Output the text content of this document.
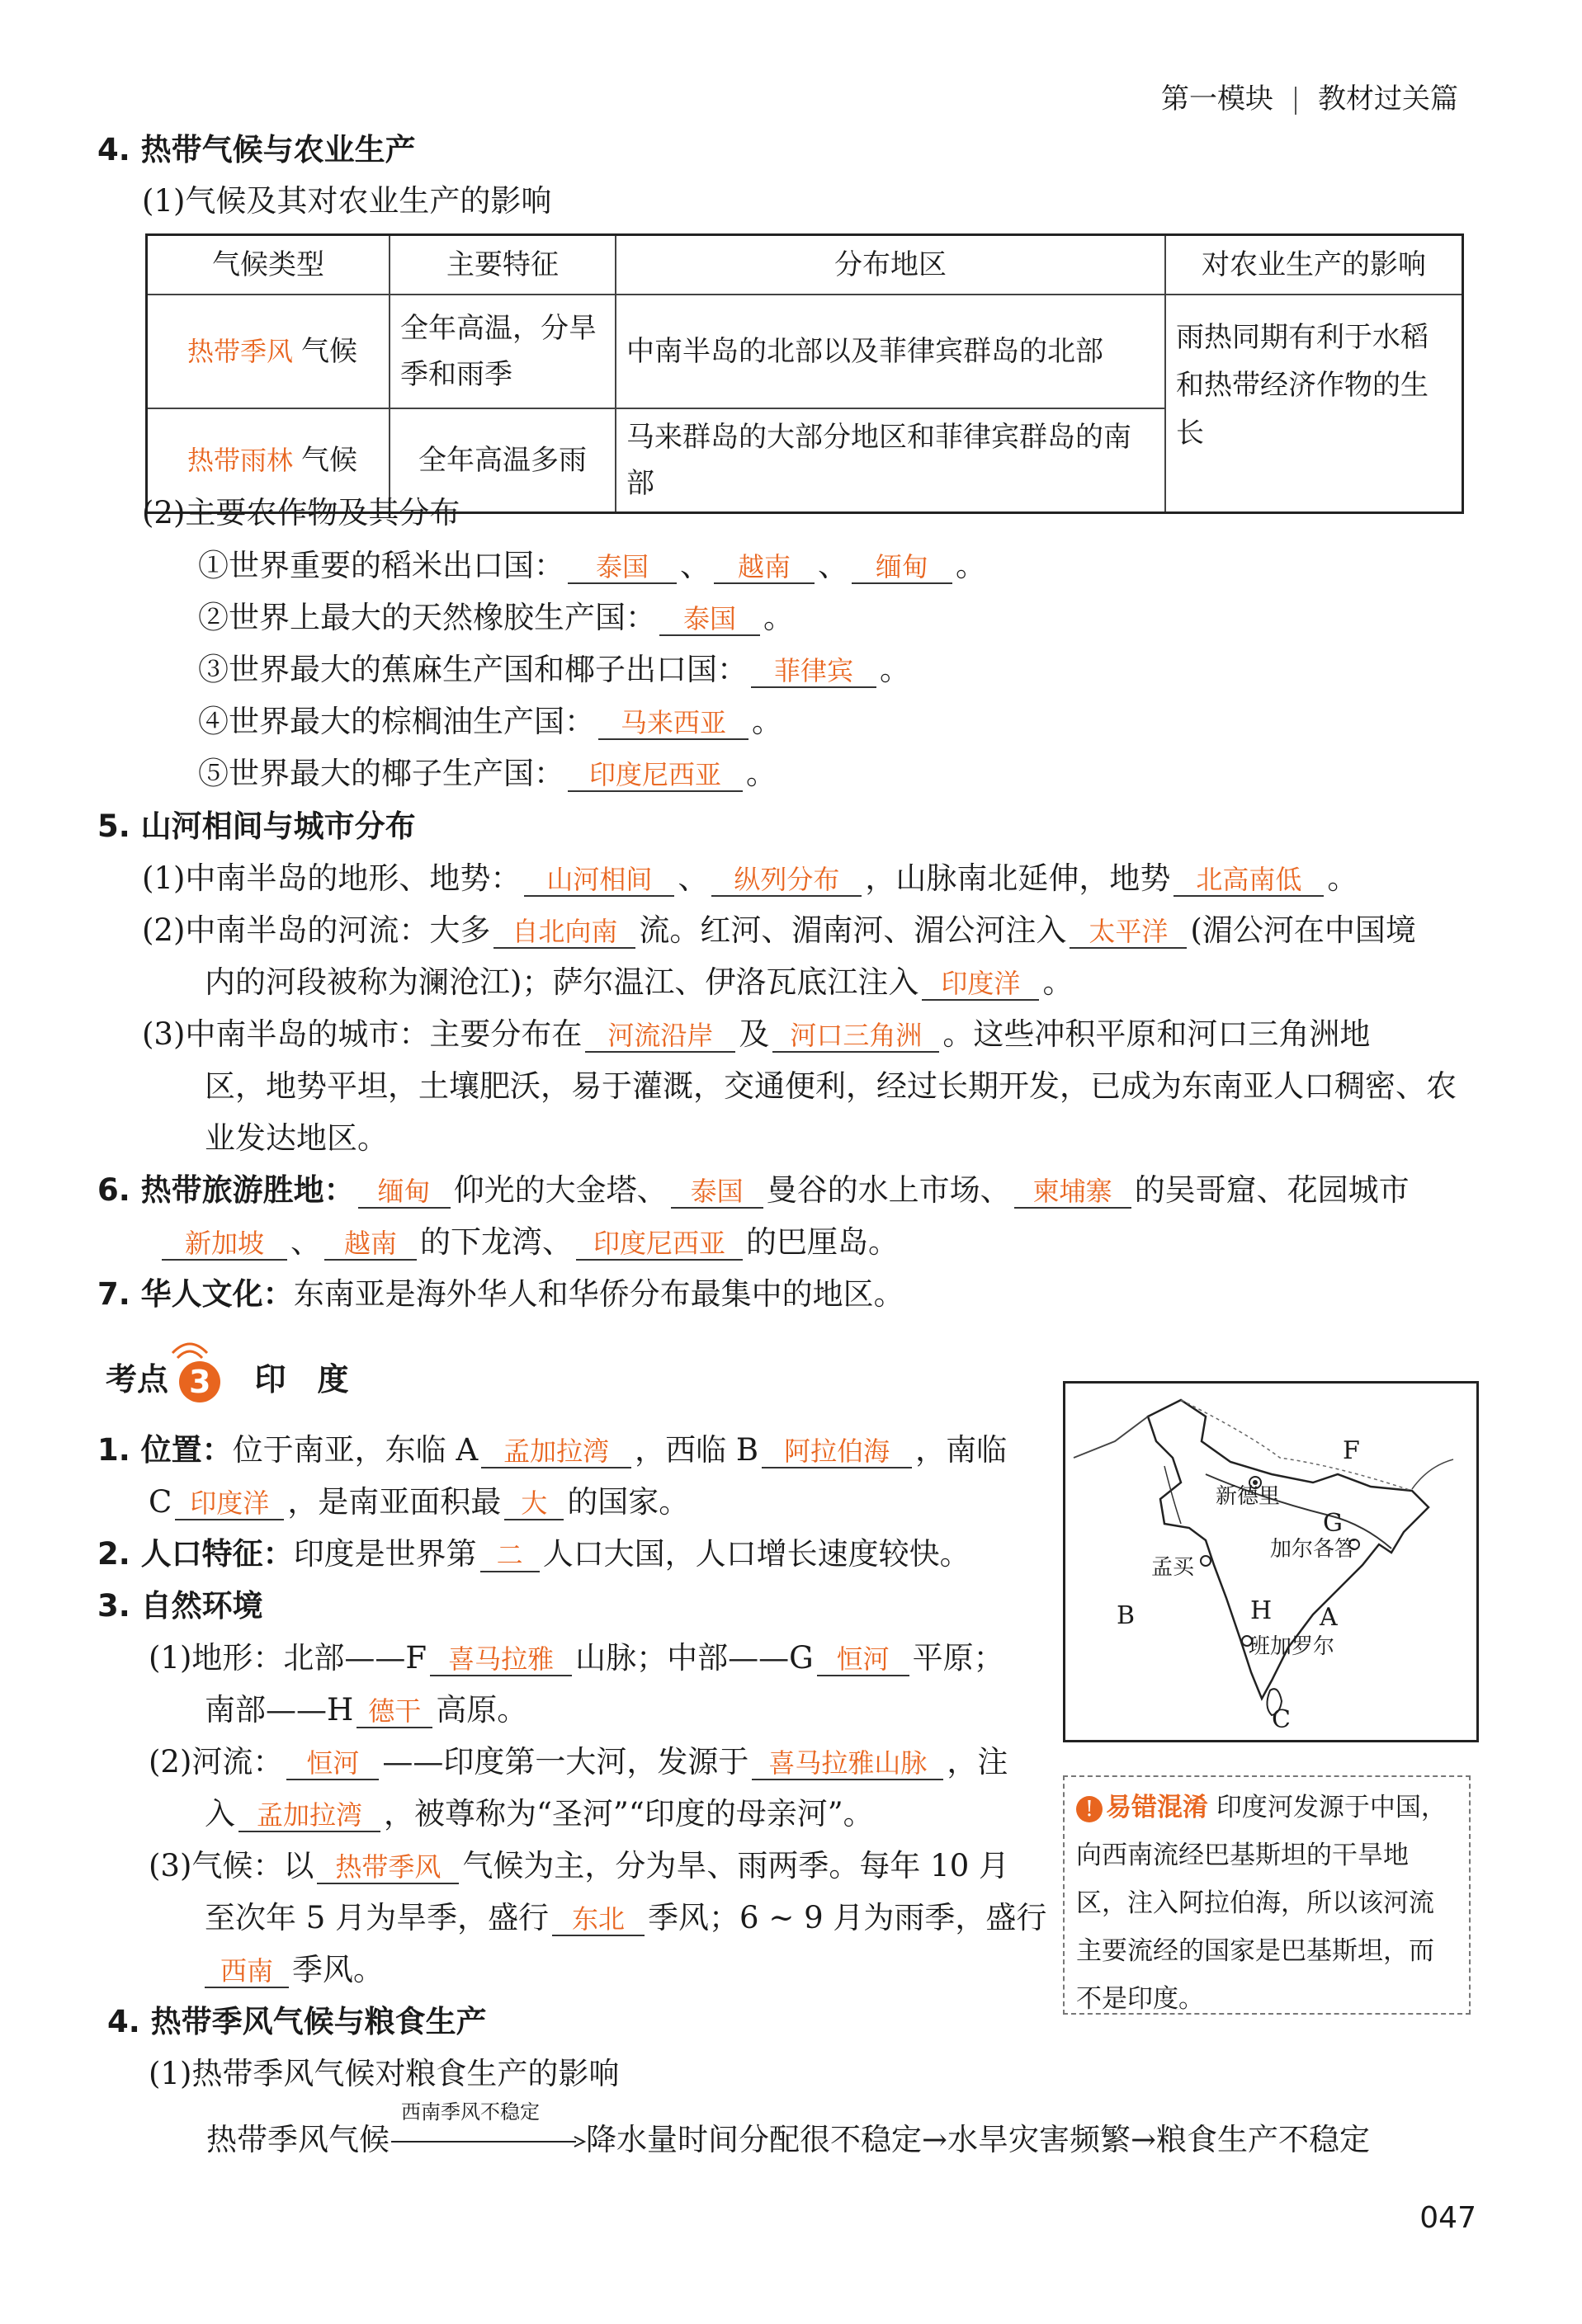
第一模块 教材过关篇
4. 热带气候与农业生产
(1)气候及其对农业生产的影响
气候类型	主要特征	分布地区	对农业生产的影响
热带季风 气候	全年高温，分旱季和雨季	中南半岛的北部以及菲律宾群岛的北部	雨热同期有利于水稻和热带经济作物的生长
热带雨林 气候	全年高温多雨	马来群岛的大部分地区和菲律宾群岛的南部	
(2)主要农作物及其分布
①世界重要的稻米出口国： 泰国 、 越南 、 缅甸 。
②世界上最大的天然橡胶生产国： 泰国 。
③世界最大的蕉麻生产国和椰子出口国： 菲律宾 。
④世界最大的棕榈油生产国： 马来西亚 。
⑤世界最大的椰子生产国： 印度尼西亚 。
5. 山河相间与城市分布
(1)中南半岛的地形、地势： 山河相间 、 纵列分布 ，山脉南北延伸，地势 北高南低 。
(2)中南半岛的河流：大多 自北向南 流。红河、湄南河、湄公河注入 太平洋 (湄公河在中国境
内的河段被称为澜沧江)；萨尔温江、伊洛瓦底江注入 印度洋 。
(3)中南半岛的城市：主要分布在 河流沿岸 及 河口三角洲 。这些冲积平原和河口三角洲地
区，地势平坦，土壤肥沃，易于灌溉，交通便利，经过长期开发，已成为东南亚人口稠密、农
业发达地区。
6. 热带旅游胜地： 缅甸 仰光的大金塔、 泰国 曼谷的水上市场、 柬埔寨 的吴哥窟、花园城市
新加坡 、 越南 的下龙湾、 印度尼西亚 的巴厘岛。
7. 华人文化：东南亚是海外华人和华侨分布最集中的地区。
考点 3 印　度
1. 位置：位于南亚，东临 A 孟加拉湾 ，西临 B 阿拉伯海 ，南临
C 印度洋 ，是南亚面积最 大 的国家。
2. 人口特征：印度是世界第 二 人口大国，人口增长速度较快。
3. 自然环境
(1)地形：北部——F 喜马拉雅 山脉；中部——G 恒河 平原；
南部——H 德干 高原。
(2)河流： 恒河 ——印度第一大河，发源于 喜马拉雅山脉 ，注
入 孟加拉湾 ，被尊称为“圣河”“印度的母亲河”。
(3)气候：以 热带季风 气候为主，分为旱、雨两季。每年 10 月
至次年 5 月为旱季，盛行 东北 季风；6 ~ 9 月为雨季，盛行
西南 季风。
4. 热带季风气候与粮食生产
(1)热带季风气候对粮食生产的影响
热带季风气候
西南季风不稳定
降水量时间分配很不稳定→水旱灾害频繁→粮食生产不稳定
F
G
H A
B
C
新德里
加尔各答
孟买
班加罗尔
! 易错混淆 印度河发源于中国，向西南流经巴基斯坦的干旱地区，注入阿拉伯海，所以该河流主要流经的国家是巴基斯坦，而不是印度。
047
